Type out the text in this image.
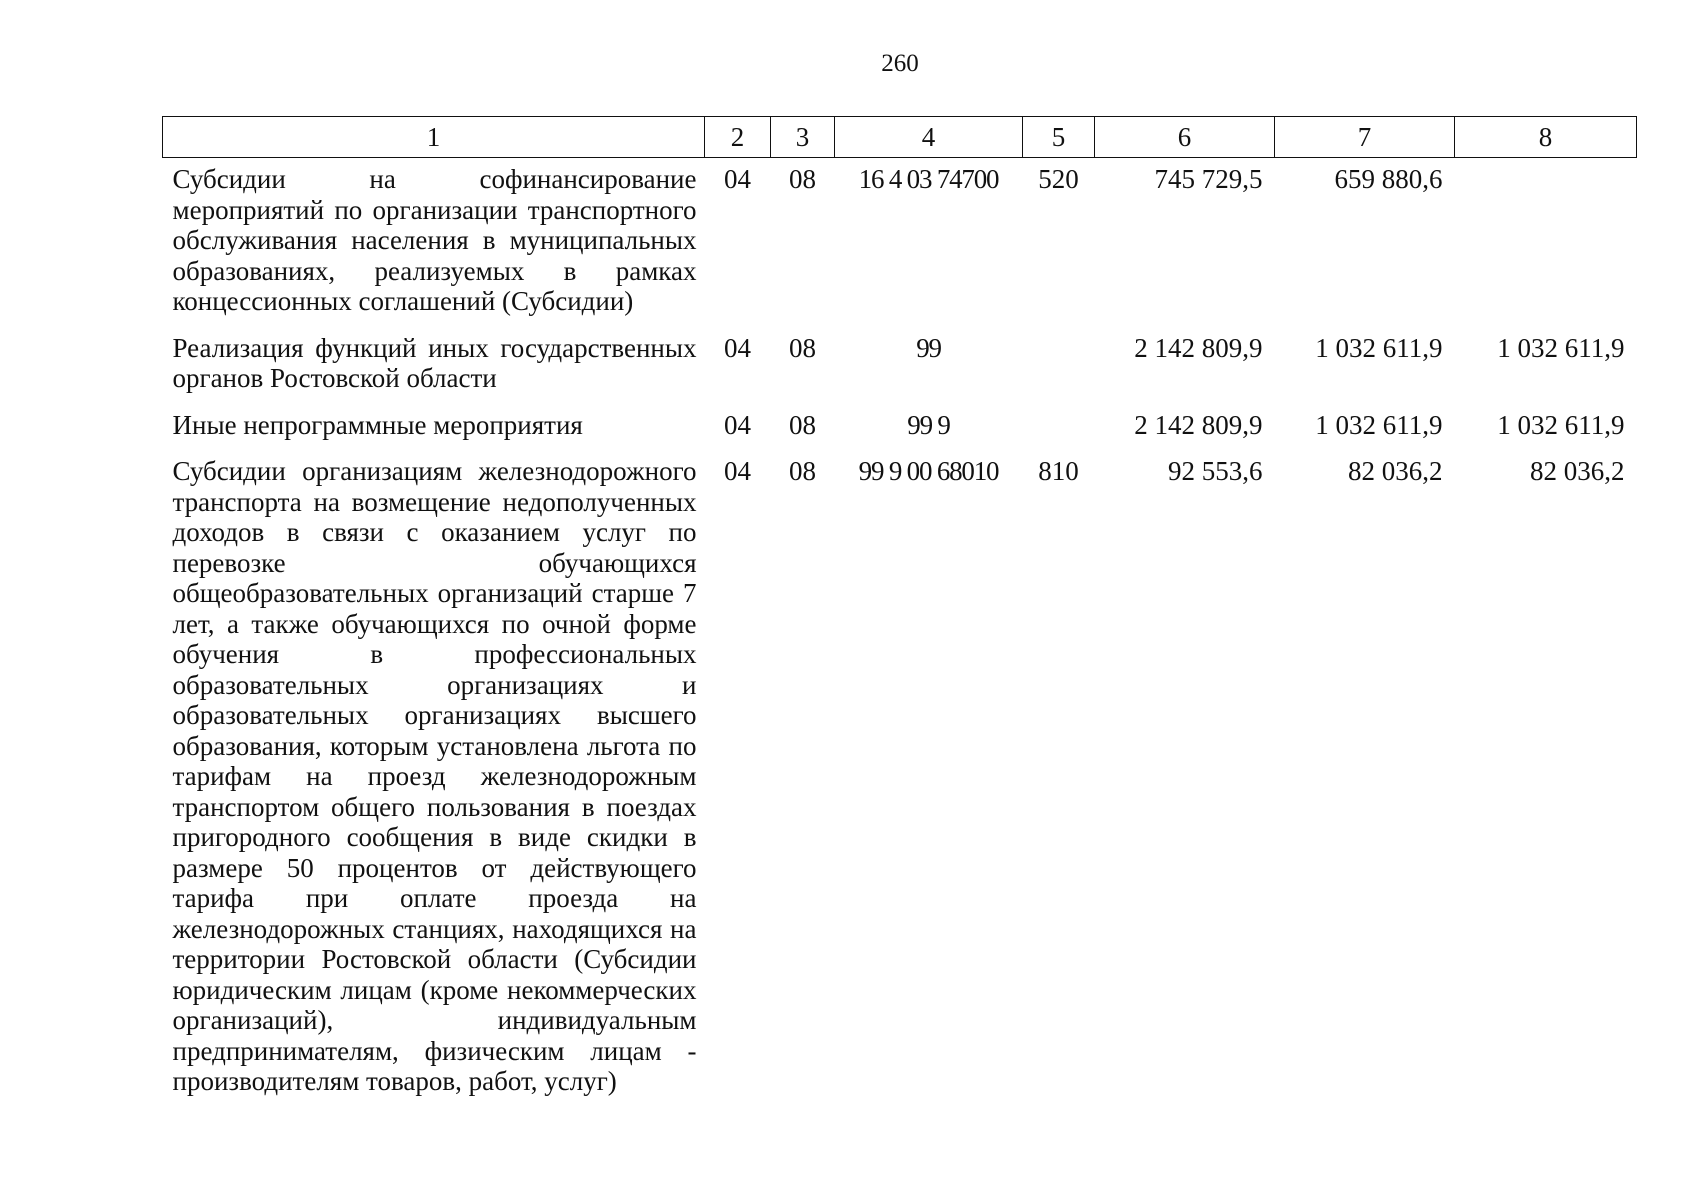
260
1	2	3	4	5	6	7	8
Субсидии на софинансирование мероприятий по организации транспортного обслуживания населения в муниципальных образованиях, реализуемых в рамках концессионных соглашений (Субсидии)	04	08	16 4 03 74700	520	745 729,5	659 880,6	
Реализация функций иных государственных органов Ростовской области	04	08	99		2 142 809,9	1 032 611,9	1 032 611,9
Иные непрограммные мероприятия	04	08	99 9		2 142 809,9	1 032 611,9	1 032 611,9
Субсидии организациям железнодорожного транспорта на возмещение недополученных доходов в связи с оказанием услуг по перевозке обучающихся общеобразовательных организаций старше 7 лет, а также обучающихся по очной форме обучения в профессиональных образовательных организациях и образовательных организациях высшего образования, которым установлена льгота по тарифам на проезд железнодорожным транспортом общего пользования в поездах пригородного сообщения в виде скидки в размере 50 процентов от действующего тарифа при оплате проезда на железнодорожных станциях, находящихся на территории Ростовской области (Субсидии юридическим лицам (кроме некоммерческих организаций), индивидуальным предпринимателям, физическим лицам - производителям товаров, работ, услуг)	04	08	99 9 00 68010	810	92 553,6	82 036,2	82 036,2
